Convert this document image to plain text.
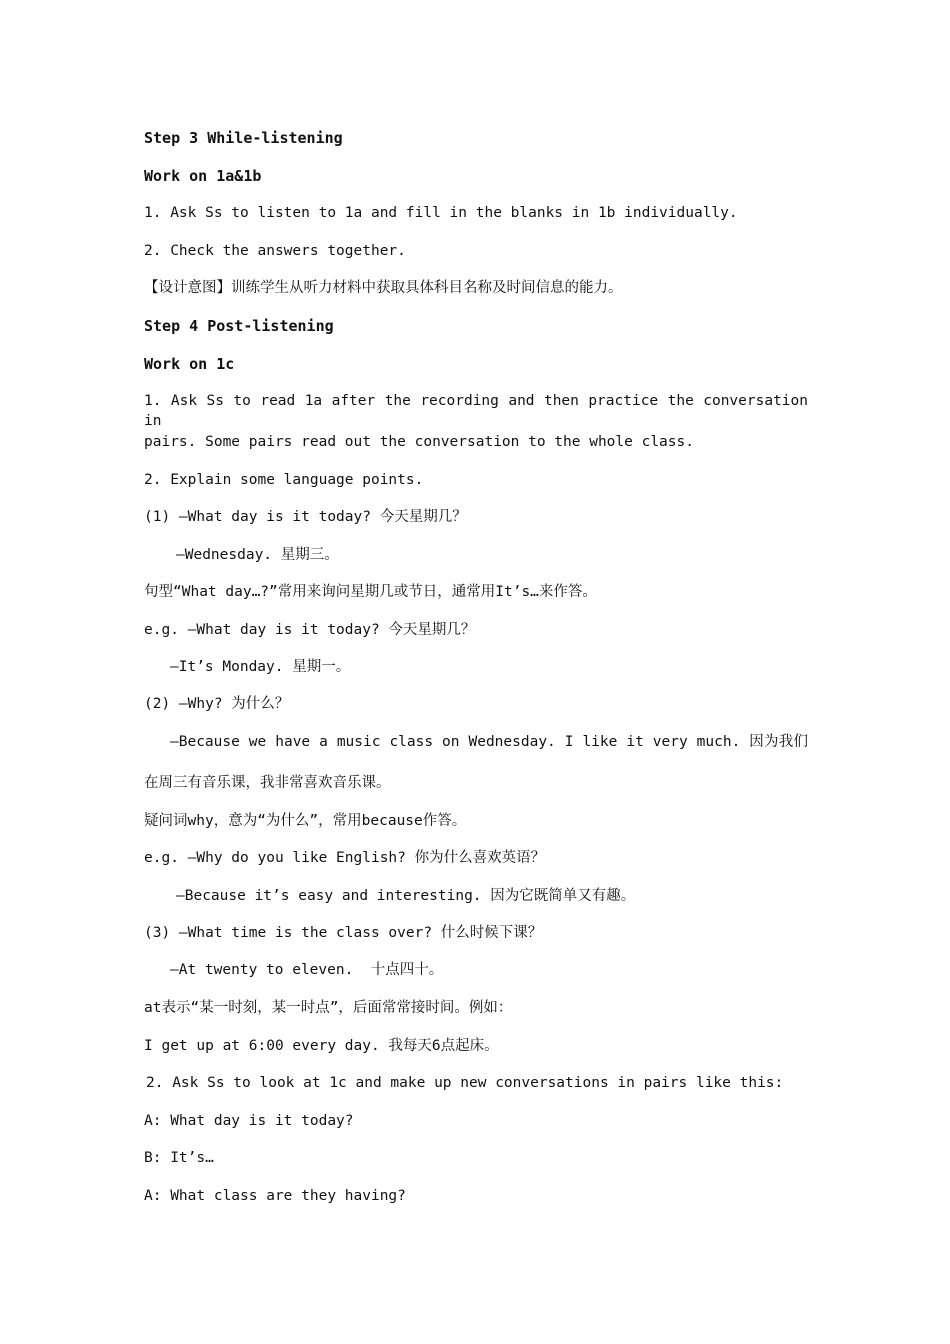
Step 3 While-listening
Work on 1a&1b
1. Ask Ss to listen to 1a and fill in the blanks in 1b individually.
2. Check the answers together.
【设计意图】训练学生从听力材料中获取具体科目名称及时间信息的能力。
Step 4 Post-listening
Work on 1c
1. Ask Ss to read 1a after the recording and then practice the conversation in
pairs. Some pairs read out the conversation to the whole class.
2. Explain some language points.
(1) —What day is it today? 今天星期几？
—Wednesday. 星期三。
句型“What day…?”常用来询问星期几或节日，通常用It’s…来作答。
e.g. —What day is it today? 今天星期几？
—It’s Monday. 星期一。
(2) —Why? 为什么？
—Because we have a music class on Wednesday. I like it very much. 因为我们
在周三有音乐课，我非常喜欢音乐课。
疑问词why，意为“为什么”，常用because作答。
e.g. —Why do you like English? 你为什么喜欢英语？
—Because it’s easy and interesting. 因为它既简单又有趣。
(3) —What time is the class over? 什么时候下课？
—At twenty to eleven.  十点四十。
at表示“某一时刻，某一时点”，后面常常接时间。例如：
I get up at 6:00 every day. 我每天6点起床。
2. Ask Ss to look at 1c and make up new conversations in pairs like this:
A: What day is it today?
B: It’s…
A: What class are they having?
